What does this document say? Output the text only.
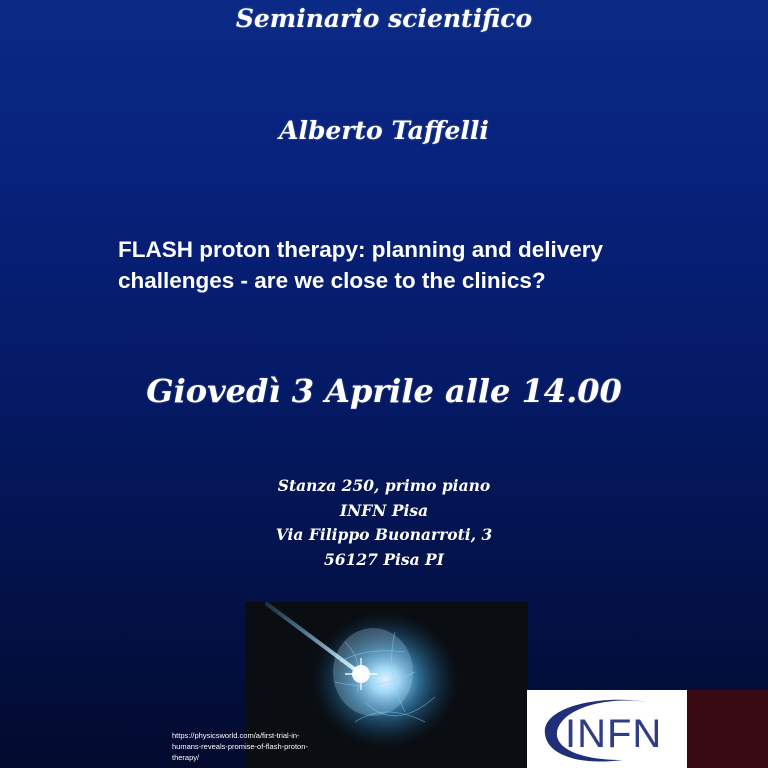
Seminario scientifico
Alberto Taffelli
FLASH proton therapy: planning and delivery challenges - are we close to the clinics?
Giovedì 3 Aprile alle 14.00
Stanza 250, primo piano
INFN Pisa
Via Filippo Buonarroti, 3
56127 Pisa PI
https://physicsworld.com/a/first-trial-in-humans-reveals-promise-of-flash-proton-therapy/
INFN
